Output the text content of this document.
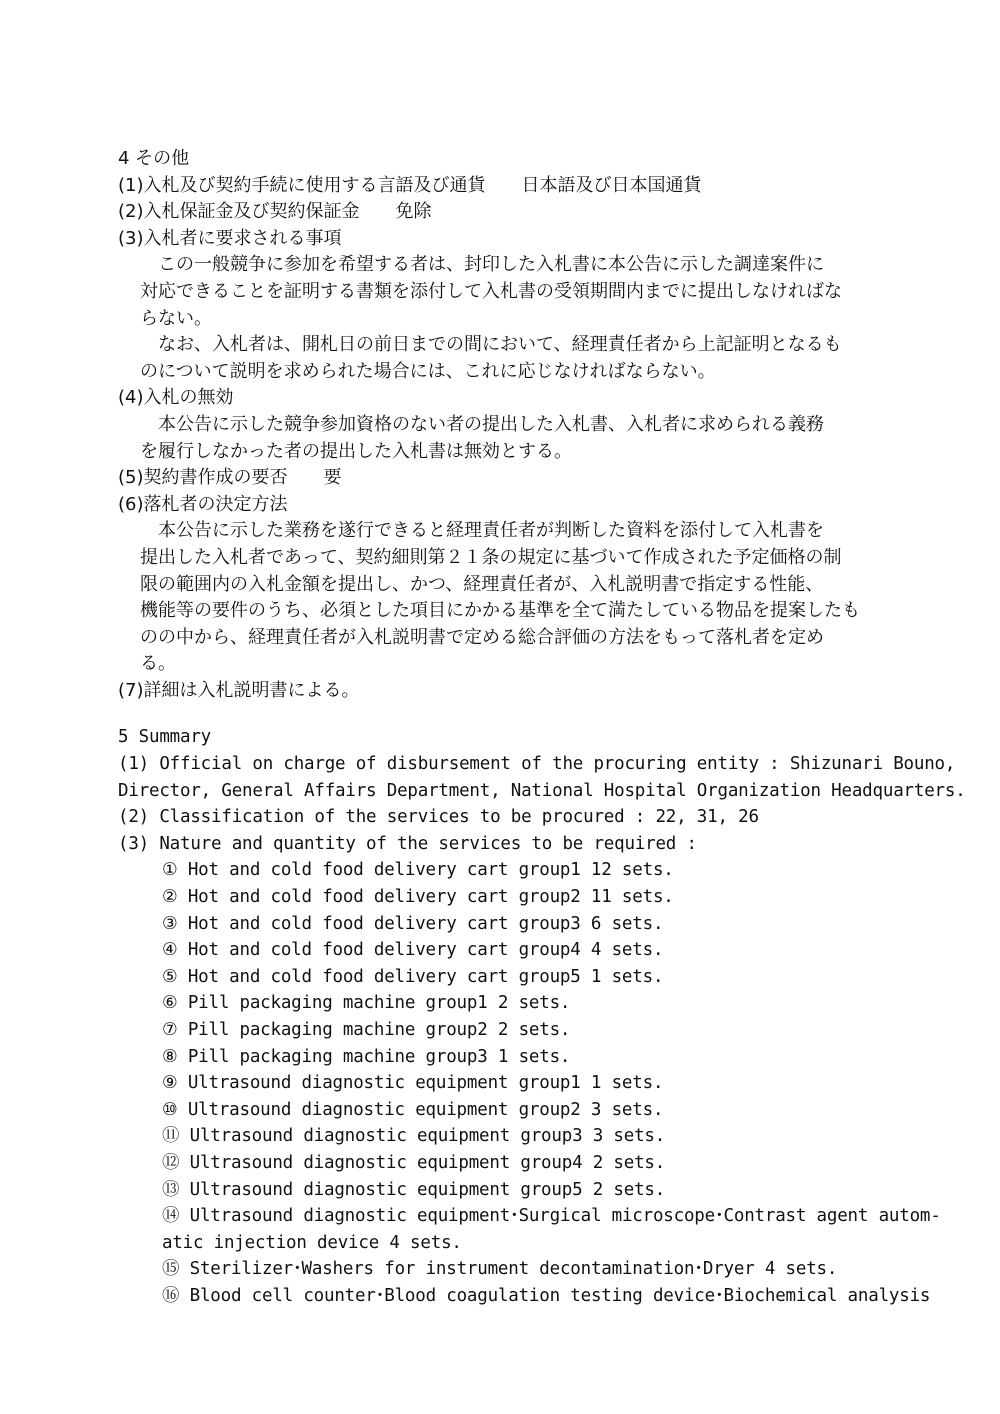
4 その他

(1)入札及び契約手続に使用する言語及び通貨　　日本語及び日本国通貨

(2)入札保証金及び契約保証金　　免除

(3)入札者に要求される事項

　この一般競争に参加を希望する者は、封印した入札書に本公告に示した調達案件に

対応できることを証明する書類を添付して入札書の受領期間内までに提出しなければな

らない。

　なお、入札者は、開札日の前日までの間において、経理責任者から上記証明となるも

のについて説明を求められた場合には、これに応じなければならない。

(4)入札の無効

　本公告に示した競争参加資格のない者の提出した入札書、入札者に求められる義務

を履行しなかった者の提出した入札書は無効とする。

(5)契約書作成の要否　　要

(6)落札者の決定方法

　本公告に示した業務を遂行できると経理責任者が判断した資料を添付して入札書を

提出した入札者であって、契約細則第２１条の規定に基づいて作成された予定価格の制

限の範囲内の入札金額を提出し、かつ、経理責任者が、入札説明書で指定する性能、

機能等の要件のうち、必須とした項目にかかる基準を全て満たしている物品を提案したも

のの中から、経理責任者が入札説明書で定める総合評価の方法をもって落札者を定め

る。

(7)詳細は入札説明書による。

5 Summary

(1) Official on charge of disbursement of the procuring entity : Shizunari Bouno,

Director, General Affairs Department, National Hospital Organization Headquarters.

(2) Classification of the services to be procured : 22, 31, 26

(3) Nature and quantity of the services to be required :

① Hot and cold food delivery cart group1 12 sets.

② Hot and cold food delivery cart group2 11 sets.

③ Hot and cold food delivery cart group3 6 sets.

④ Hot and cold food delivery cart group4 4 sets.

⑤ Hot and cold food delivery cart group5 1 sets.

⑥ Pill packaging machine group1 2 sets.

⑦ Pill packaging machine group2 2 sets.

⑧ Pill packaging machine group3 1 sets.

⑨ Ultrasound diagnostic equipment group1 1 sets.

⑩ Ultrasound diagnostic equipment group2 3 sets.

⑪ Ultrasound diagnostic equipment group3 3 sets.

⑫ Ultrasound diagnostic equipment group4 2 sets.

⑬ Ultrasound diagnostic equipment group5 2 sets.

⑭ Ultrasound diagnostic equipment･Surgical microscope･Contrast agent autom-

atic injection device 4 sets.

⑮ Sterilizer･Washers for instrument decontamination･Dryer 4 sets.

⑯ Blood cell counter･Blood coagulation testing device･Biochemical analysis
